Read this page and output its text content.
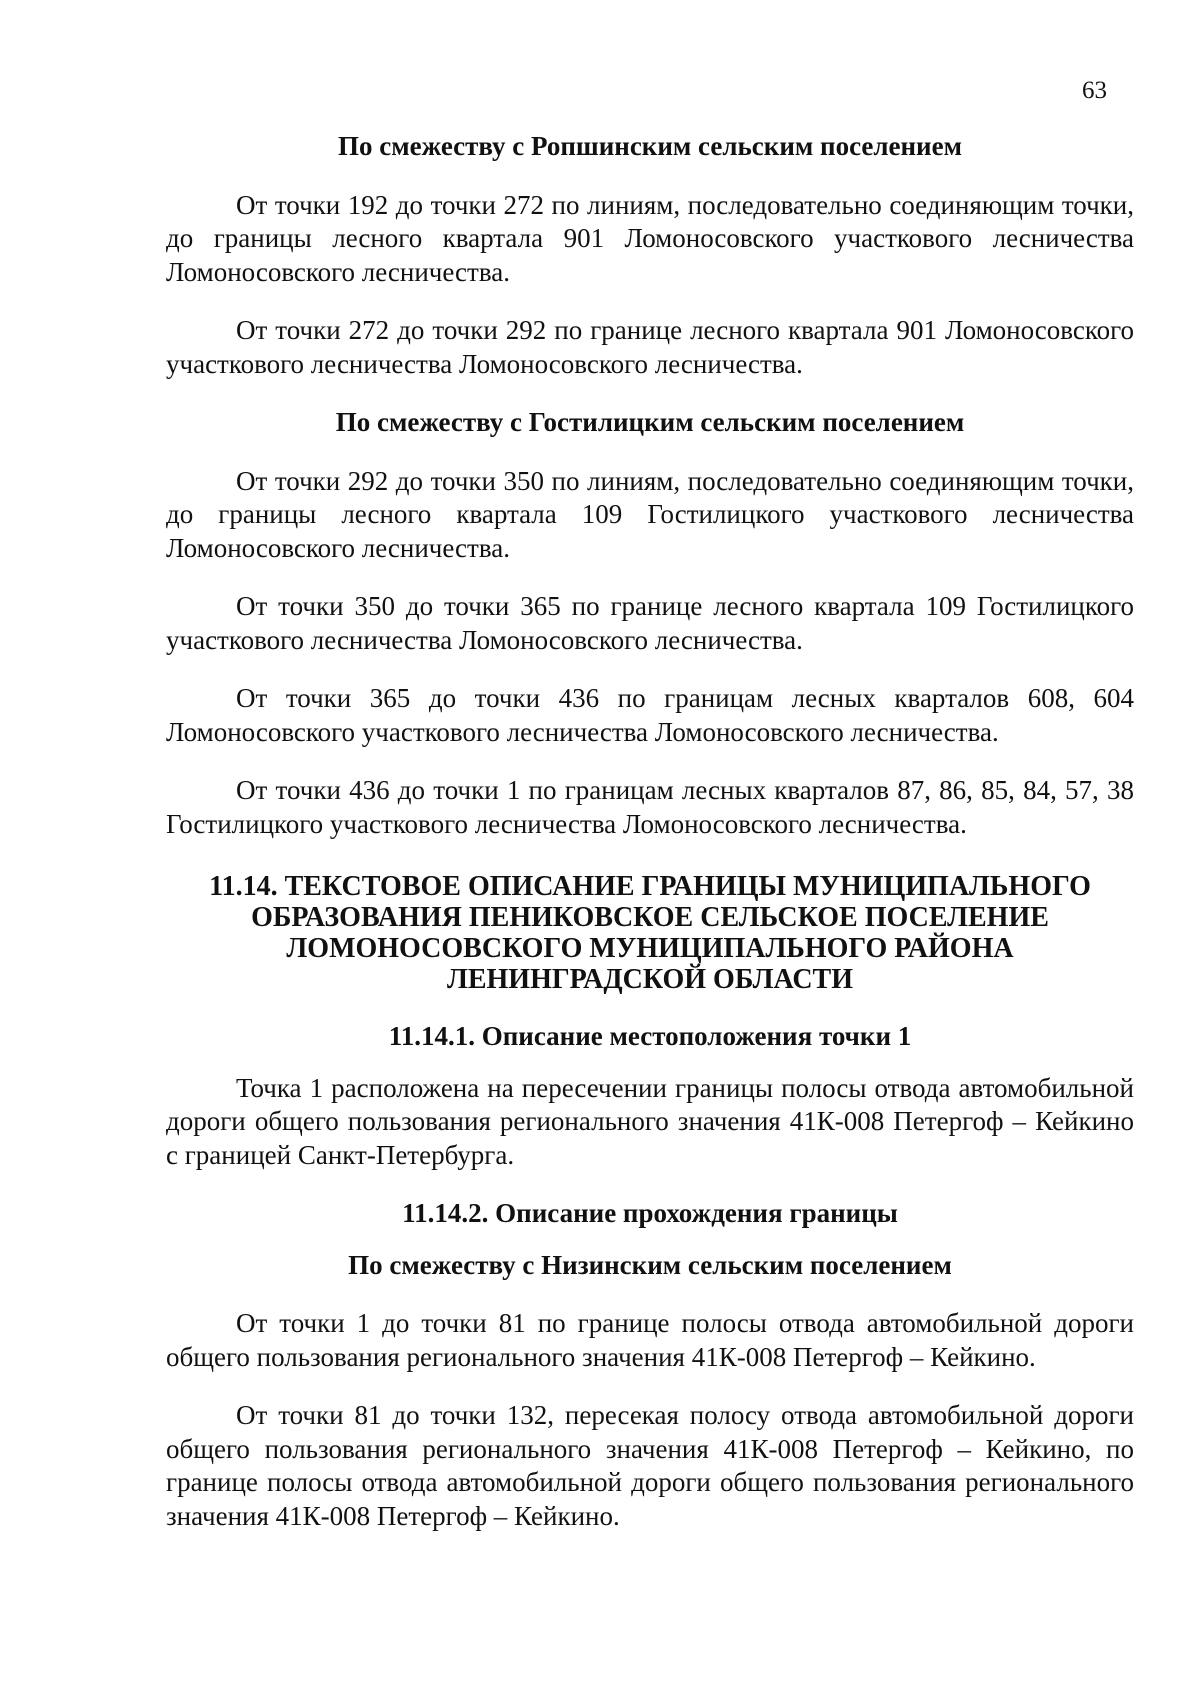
63
По смежеству с Ропшинским сельским поселением

От точки 192 до точки 272 по линиям, последовательно соединяющим точки, до границы лесного квартала 901 Ломоносовского участкового лесничества Ломоносовского лесничества.

От точки 272 до точки 292 по границе лесного квартала 901 Ломоносовского участкового лесничества Ломоносовского лесничества.

По смежеству с Гостилицким сельским поселением

От точки 292 до точки 350 по линиям, последовательно соединяющим точки, до границы лесного квартала 109 Гостилицкого участкового лесничества Ломоносовского лесничества.

От точки 350 до точки 365 по границе лесного квартала 109 Гостилицкого участкового лесничества Ломоносовского лесничества.

От точки 365 до точки 436 по границам лесных кварталов 608, 604 Ломоносовского участкового лесничества Ломоносовского лесничества.

От точки 436 до точки 1 по границам лесных кварталов 87, 86, 85, 84, 57, 38 Гостилицкого участкового лесничества Ломоносовского лесничества.

11.14. ТЕКСТОВОЕ ОПИСАНИЕ ГРАНИЦЫ МУНИЦИПАЛЬНОГО
ОБРАЗОВАНИЯ ПЕНИКОВСКОЕ СЕЛЬСКОЕ ПОСЕЛЕНИЕ
ЛОМОНОСОВСКОГО МУНИЦИПАЛЬНОГО РАЙОНА
ЛЕНИНГРАДСКОЙ ОБЛАСТИ
11.14.1. Описание местоположения точки 1

Точка 1 расположена на пересечении границы полосы отвода автомобильной дороги общего пользования регионального значения 41К-008 Петергоф – Кейкино с границей Санкт-Петербурга.

11.14.2. Описание прохождения границы
По смежеству с Низинским сельским поселением

От точки 1 до точки 81 по границе полосы отвода автомобильной дороги общего пользования регионального значения 41К-008 Петергоф – Кейкино.

От точки 81 до точки 132, пересекая полосу отвода автомобильной дороги общего пользования регионального значения 41К-008 Петергоф – Кейкино, по границе полосы отвода автомобильной дороги общего пользования регионального значения 41К-008 Петергоф – Кейкино.
